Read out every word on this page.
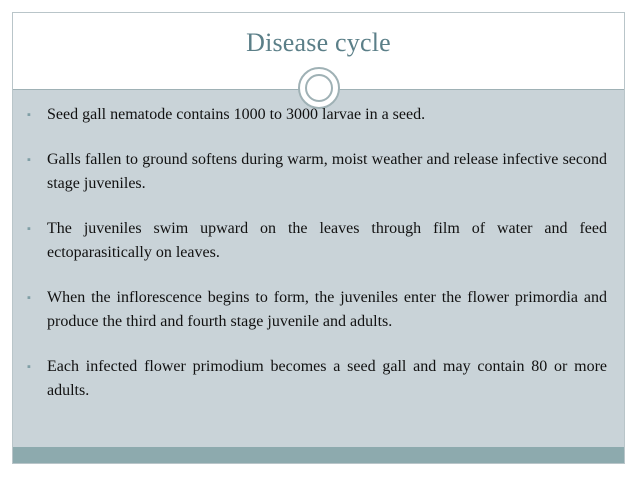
Disease cycle
▪ Seed gall nematode contains 1000 to 3000 larvae in a seed.
▪ Galls fallen to ground softens during warm, moist weather and release infective second stage juveniles.
▪ The juveniles swim upward on the leaves through film of water and feed ectoparasitically on leaves.
▪ When the inflorescence begins to form, the juveniles enter the flower primordia and produce the third and fourth stage juvenile and adults.
▪ Each infected flower primodium becomes a seed gall and may contain 80 or more adults.
